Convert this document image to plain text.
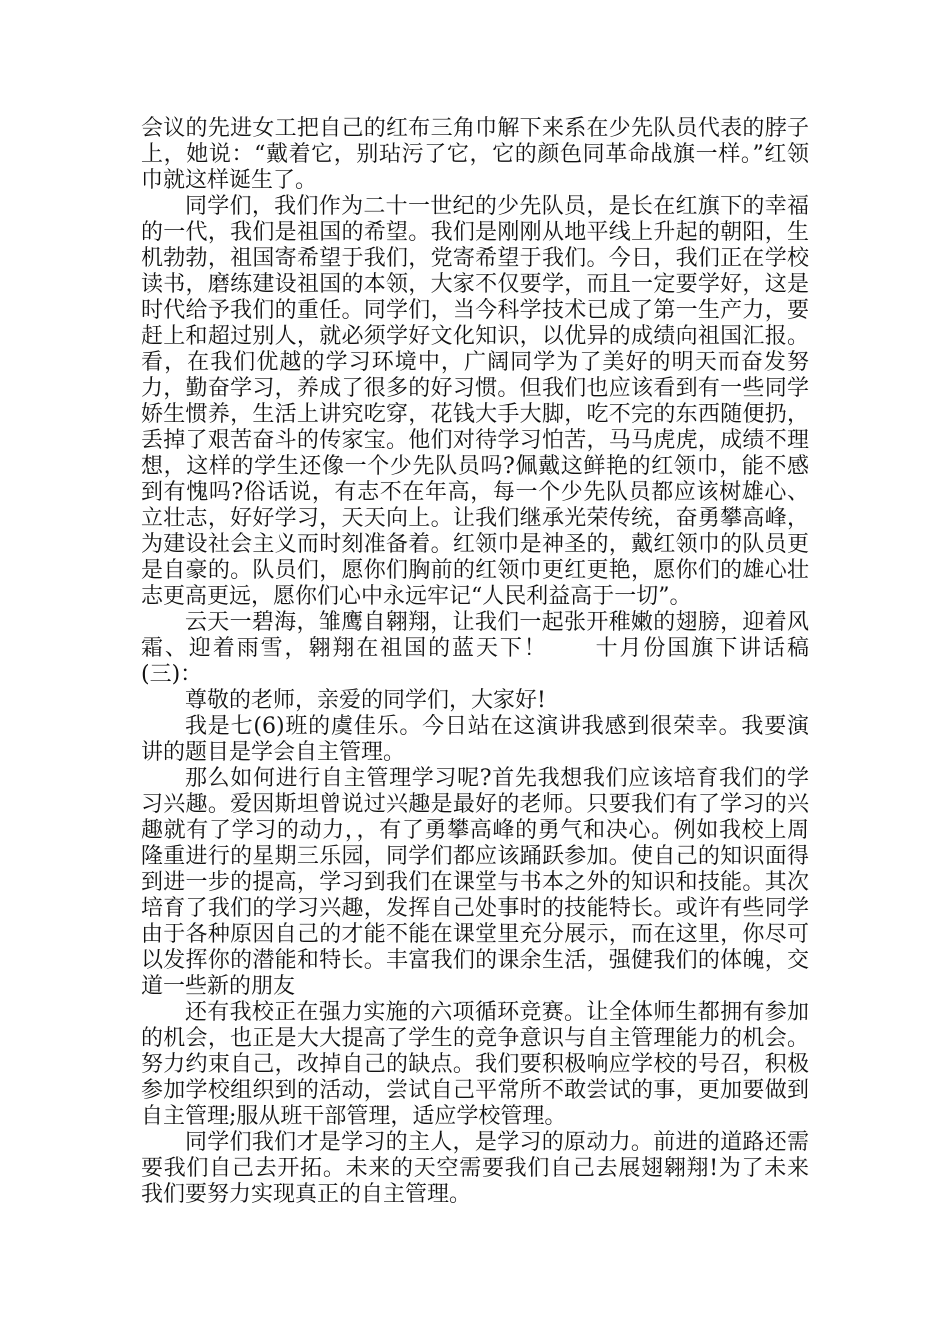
会议的先进女工把自己的红布三角巾解下来系在少先队员代表的脖子上，她说：“戴着它，别玷污了它，它的颜色同革命战旗一样。”红领巾就这样诞生了。

同学们，我们作为二十一世纪的少先队员，是长在红旗下的幸福的一代，我们是祖国的希望。我们是刚刚从地平线上升起的朝阳，生机勃勃，祖国寄希望于我们，党寄希望于我们。今日，我们正在学校读书，磨练建设祖国的本领，大家不仅要学，而且一定要学好，这是时代给予我们的重任。同学们，当今科学技术已成了第一生产力，要赶上和超过别人，就必须学好文化知识，以优异的成绩向祖国汇报。看，在我们优越的学习环境中，广阔同学为了美好的明天而奋发努力，勤奋学习，养成了很多的好习惯。但我们也应该看到有一些同学娇生惯养，生活上讲究吃穿，花钱大手大脚，吃不完的东西随便扔，丢掉了艰苦奋斗的传家宝。他们对待学习怕苦，马马虎虎，成绩不理想，这样的学生还像一个少先队员吗?佩戴这鲜艳的红领巾，能不感到有愧吗?俗话说，有志不在年高，每一个少先队员都应该树雄心、立壮志，好好学习，天天向上。让我们继承光荣传统，奋勇攀高峰，为建设社会主义而时刻准备着。红领巾是神圣的，戴红领巾的队员更是自豪的。队员们，愿你们胸前的红领巾更红更艳，愿你们的雄心壮志更高更远，愿你们心中永远牢记“人民利益高于一切”。

云天一碧海，雏鹰自翱翔，让我们一起张开稚嫩的翅膀，迎着风霜、迎着雨雪，翱翔在祖国的蓝天下！　　十月份国旗下讲话稿(三)：

尊敬的老师，亲爱的同学们，大家好!

我是七(6)班的虞佳乐。今日站在这演讲我感到很荣幸。我要演讲的题目是学会自主管理。

那么如何进行自主管理学习呢?首先我想我们应该培育我们的学习兴趣。爱因斯坦曾说过兴趣是最好的老师。只要我们有了学习的兴趣就有了学习的动力，，有了勇攀高峰的勇气和决心。例如我校上周隆重进行的星期三乐园，同学们都应该踊跃参加。使自己的知识面得到进一步的提高，学习到我们在课堂与书本之外的知识和技能。其次培育了我们的学习兴趣，发挥自己处事时的技能特长。或许有些同学由于各种原因自己的才能不能在课堂里充分展示，而在这里，你尽可以发挥你的潜能和特长。丰富我们的课余生活，强健我们的体魄，交道一些新的朋友

还有我校正在强力实施的六项循环竞赛。让全体师生都拥有参加的机会，也正是大大提高了学生的竞争意识与自主管理能力的机会。努力约束自己，改掉自己的缺点。我们要积极响应学校的号召，积极参加学校组织到的活动，尝试自己平常所不敢尝试的事，更加要做到自主管理;服从班干部管理，适应学校管理。

同学们我们才是学习的主人，是学习的原动力。前进的道路还需要我们自己去开拓。未来的天空需要我们自己去展翅翱翔!为了未来我们要努力实现真正的自主管理。
